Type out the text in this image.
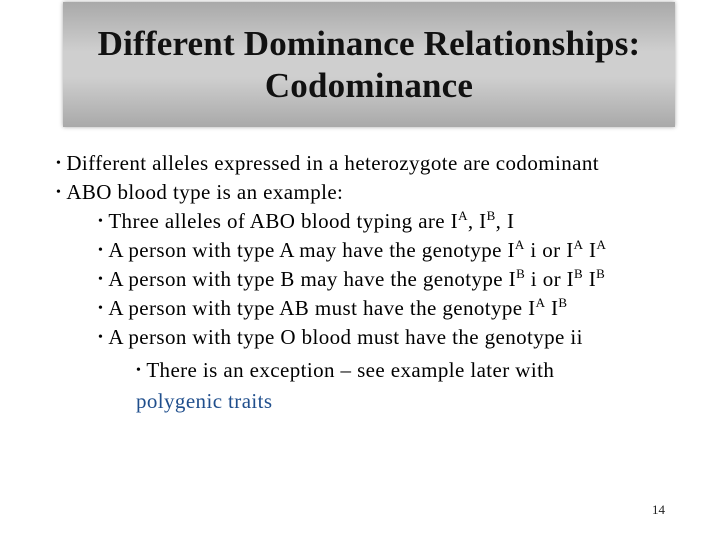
Different Dominance Relationships:
Codominance
• Different alleles expressed in a heterozygote are codominant
• ABO blood type is an example:
• Three alleles of ABO blood typing are $I^A$, $I^B$, I
• A person with type A may have the genotype $I^A$ i or $I^A$ $I^A$
• A person with type B may have the genotype $I^B$ i or $I^B$ $I^B$
• A person with type AB must have the genotype $I^A$ $I^B$
• A person with type O blood must have the genotype ii
• There is an exception – see example later with
polygenic traits
14
